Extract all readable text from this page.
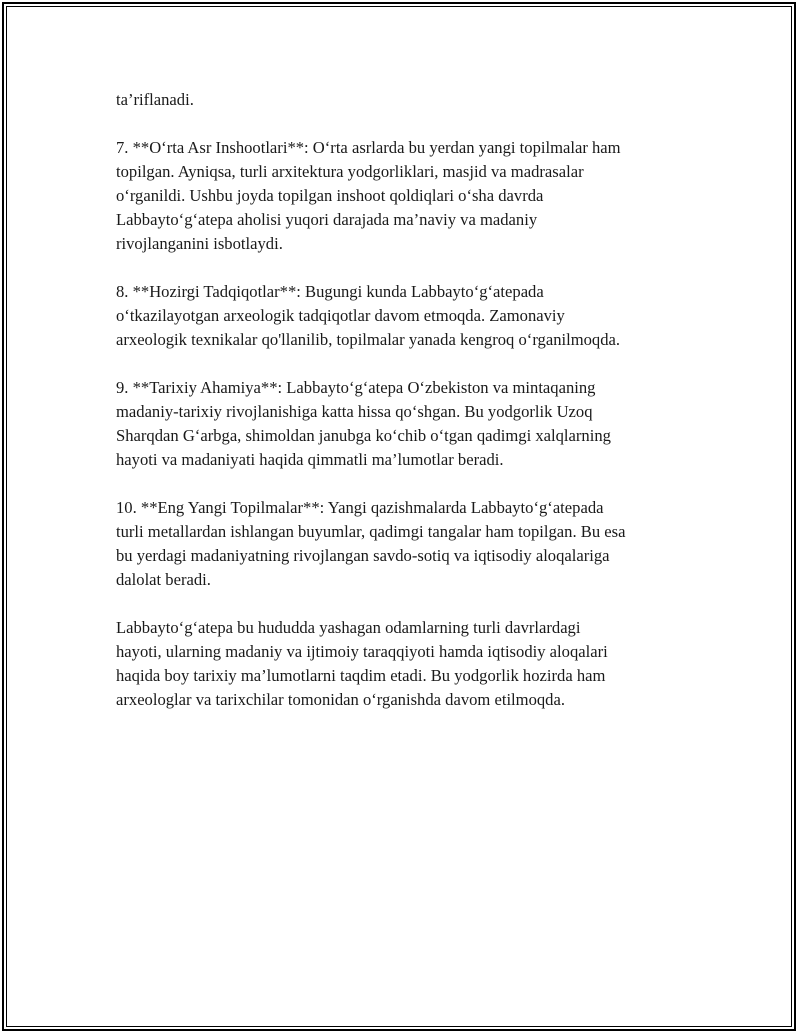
ta’riflanadi.

7. **O‘rta Asr Inshootlari**: O‘rta asrlarda bu yerdan yangi topilmalar ham
topilgan. Ayniqsa, turli arxitektura yodgorliklari, masjid va madrasalar
o‘rganildi. Ushbu joyda topilgan inshoot qoldiqlari o‘sha davrda
Labbayto‘g‘atepa aholisi yuqori darajada ma’naviy va madaniy
rivojlanganini isbotlaydi.

8. **Hozirgi Tadqiqotlar**: Bugungi kunda Labbayto‘g‘atepada
o‘tkazilayotgan arxeologik tadqiqotlar davom etmoqda. Zamonaviy
arxeologik texnikalar qo'llanilib, topilmalar yanada kengroq o‘rganilmoqda.

9. **Tarixiy Ahamiya**: Labbayto‘g‘atepa O‘zbekiston va mintaqaning
madaniy-tarixiy rivojlanishiga katta hissa qo‘shgan. Bu yodgorlik Uzoq
Sharqdan G‘arbga, shimoldan janubga ko‘chib o‘tgan qadimgi xalqlarning
hayoti va madaniyati haqida qimmatli ma’lumotlar beradi.

10. **Eng Yangi Topilmalar**: Yangi qazishmalarda Labbayto‘g‘atepada
turli metallardan ishlangan buyumlar, qadimgi tangalar ham topilgan. Bu esa
bu yerdagi madaniyatning rivojlangan savdo-sotiq va iqtisodiy aloqalariga
dalolat beradi.

Labbayto‘g‘atepa bu hududda yashagan odamlarning turli davrlardagi
hayoti, ularning madaniy va ijtimoiy taraqqiyoti hamda iqtisodiy aloqalari
haqida boy tarixiy ma’lumotlarni taqdim etadi. Bu yodgorlik hozirda ham
arxeologlar va tarixchilar tomonidan o‘rganishda davom etilmoqda.
